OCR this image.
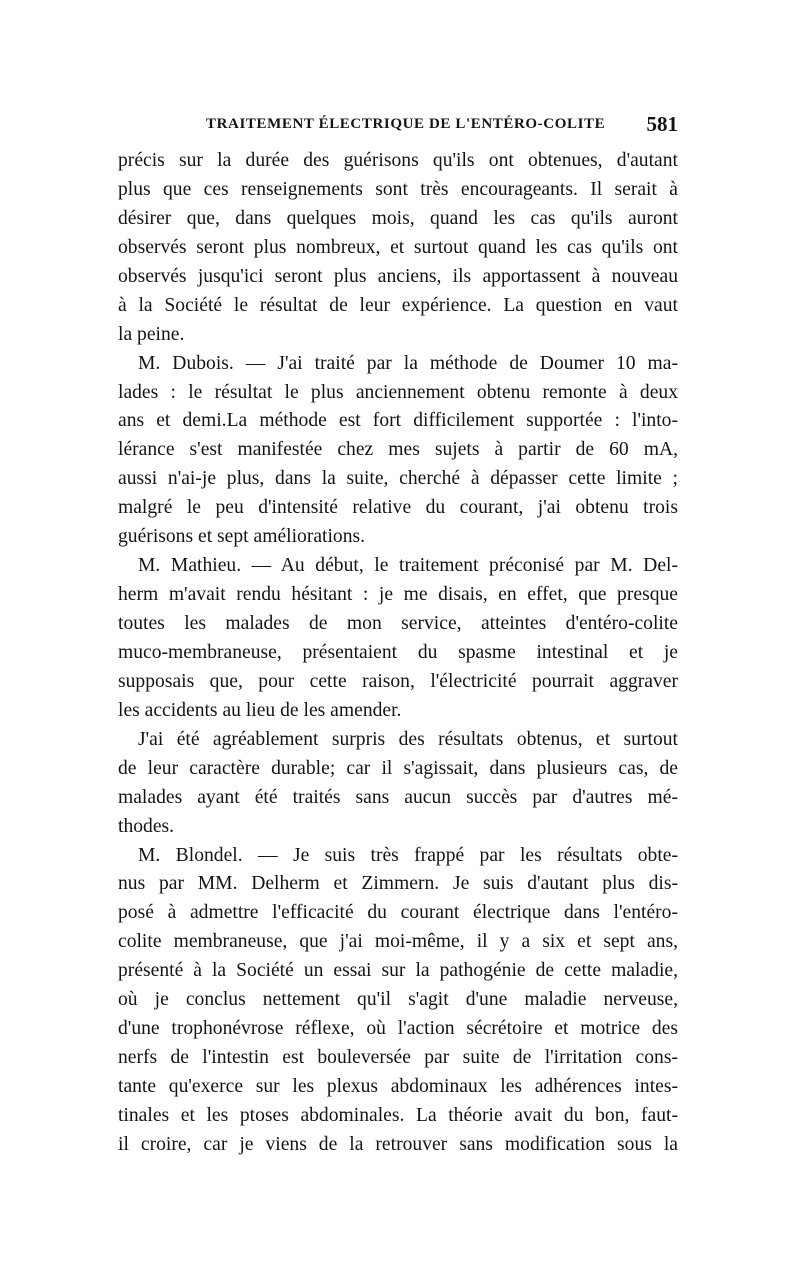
TRAITEMENT ÉLECTRIQUE DE L'ENTÉRO-COLITE 581
précis sur la durée des guérisons qu'ils ont obtenues, d'autant
plus que ces renseignements sont très encourageants. Il serait à
désirer que, dans quelques mois, quand les cas qu'ils auront
observés seront plus nombreux, et surtout quand les cas qu'ils ont
observés jusqu'ici seront plus anciens, ils apportassent à nouveau
à la Société le résultat de leur expérience. La question en vaut
la peine.
M. Dubois. — J'ai traité par la méthode de Doumer 10 ma-
lades : le résultat le plus anciennement obtenu remonte à deux
ans et demi.La méthode est fort difficilement supportée : l'into-
lérance s'est manifestée chez mes sujets à partir de 60 mA,
aussi n'ai-je plus, dans la suite, cherché à dépasser cette limite ;
malgré le peu d'intensité relative du courant, j'ai obtenu trois
guérisons et sept améliorations.
M. Mathieu. — Au début, le traitement préconisé par M. Del-
herm m'avait rendu hésitant : je me disais, en effet, que presque
toutes les malades de mon service, atteintes d'entéro-colite
muco-membraneuse, présentaient du spasme intestinal et je
supposais que, pour cette raison, l'électricité pourrait aggraver
les accidents au lieu de les amender.
J'ai été agréablement surpris des résultats obtenus, et surtout
de leur caractère durable; car il s'agissait, dans plusieurs cas, de
malades ayant été traités sans aucun succès par d'autres mé-
thodes.
M. Blondel. — Je suis très frappé par les résultats obte-
nus par MM. Delherm et Zimmern. Je suis d'autant plus dis-
posé à admettre l'efficacité du courant électrique dans l'entéro-
colite membraneuse, que j'ai moi-même, il y a six et sept ans,
présenté à la Société un essai sur la pathogénie de cette maladie,
où je conclus nettement qu'il s'agit d'une maladie nerveuse,
d'une trophonévrose réflexe, où l'action sécrétoire et motrice des
nerfs de l'intestin est bouleversée par suite de l'irritation cons-
tante qu'exerce sur les plexus abdominaux les adhérences intes-
tinales et les ptoses abdominales. La théorie avait du bon, faut-
il croire, car je viens de la retrouver sans modification sous la
